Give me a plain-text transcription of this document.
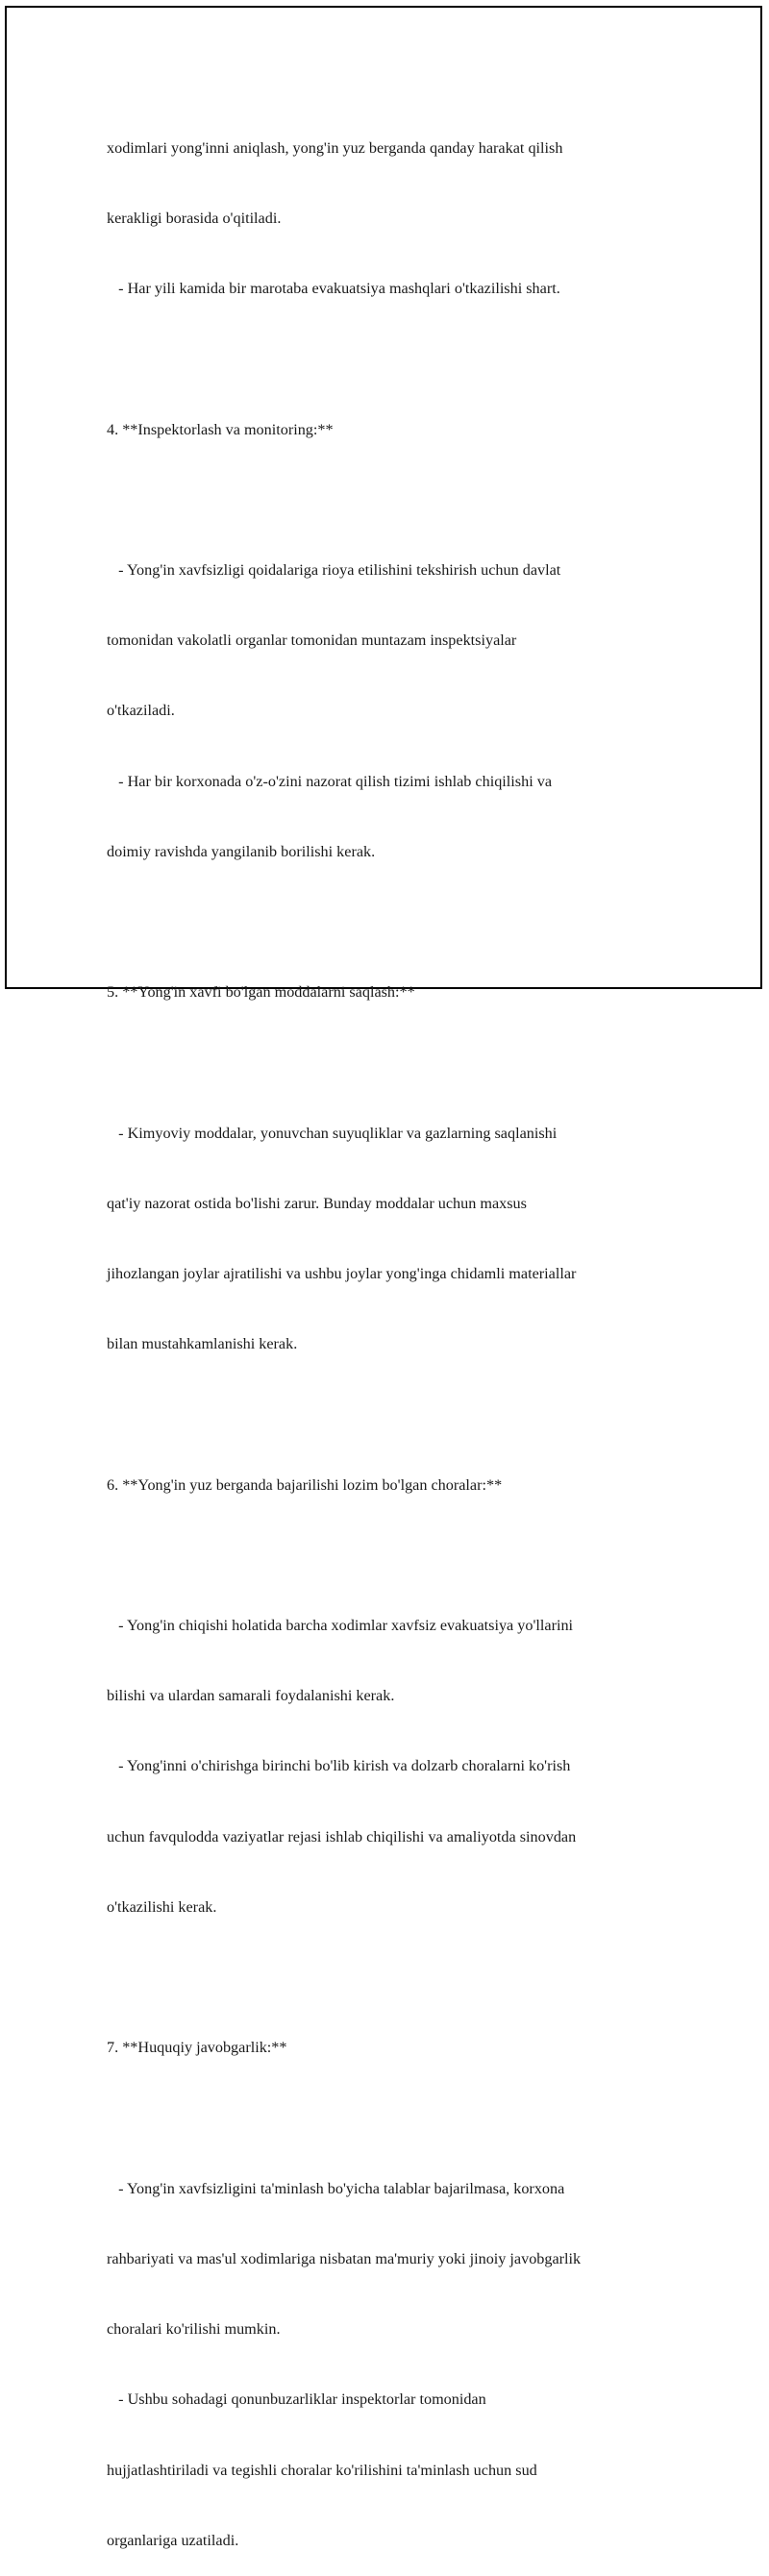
xodimlari yong'inni aniqlash, yong'in yuz berganda qanday harakat qilish

kerakligi borasida o'qitiladi.

- Har yili kamida bir marotaba evakuatsiya mashqlari o'tkazilishi shart.

4. **Inspektorlash va monitoring:**

- Yong'in xavfsizligi qoidalariga rioya etilishini tekshirish uchun davlat

tomonidan vakolatli organlar tomonidan muntazam inspektsiyalar

o'tkaziladi.

- Har bir korxonada o'z-o'zini nazorat qilish tizimi ishlab chiqilishi va

doimiy ravishda yangilanib borilishi kerak.

5. **Yong'in xavfi bo'lgan moddalarni saqlash:**

- Kimyoviy moddalar, yonuvchan suyuqliklar va gazlarning saqlanishi

qat'iy nazorat ostida bo'lishi zarur. Bunday moddalar uchun maxsus

jihozlangan joylar ajratilishi va ushbu joylar yong'inga chidamli materiallar

bilan mustahkamlanishi kerak.

6. **Yong'in yuz berganda bajarilishi lozim bo'lgan choralar:**

- Yong'in chiqishi holatida barcha xodimlar xavfsiz evakuatsiya yo'llarini

bilishi va ulardan samarali foydalanishi kerak.

- Yong'inni o'chirishga birinchi bo'lib kirish va dolzarb choralarni ko'rish

uchun favqulodda vaziyatlar rejasi ishlab chiqilishi va amaliyotda sinovdan

o'tkazilishi kerak.

7. **Huquqiy javobgarlik:**

- Yong'in xavfsizligini ta'minlash bo'yicha talablar bajarilmasa, korxona

rahbariyati va mas'ul xodimlariga nisbatan ma'muriy yoki jinoiy javobgarlik

choralari ko'rilishi mumkin.

- Ushbu sohadagi qonunbuzarliklar inspektorlar tomonidan

hujjatlashtiriladi va tegishli choralar ko'rilishini ta'minlash uchun sud

organlariga uzatiladi.
